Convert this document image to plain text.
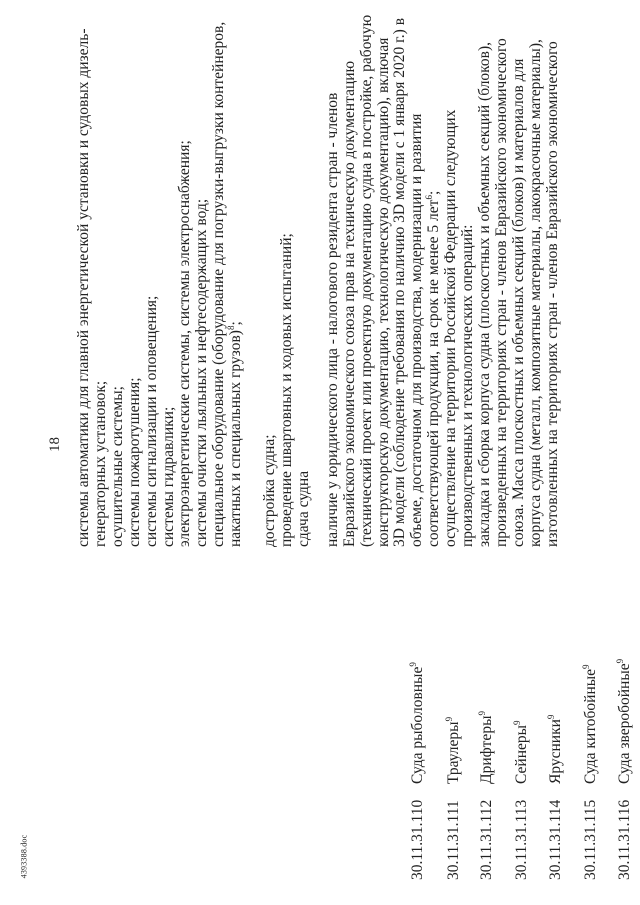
18
4393388.doc	30.11.31.110
Суда рыболовные$^9$
30.11.31.111
Траулеры$^9$
30.11.31.112
Дрифтеры$^9$
30.11.31.113
Сейнеры$^9$
30.11.31.114
Ярусники$^9$
30.11.31.115
Суда китобойные$^9$
30.11.31.116
Суда зверобойные$^9$
системы автоматики для главной энергетической установки и судовых дизель- генераторных установок; осушительные системы; системы пожаротушения; системы сигнализации и оповещения; системы гидравлики; электроэнергетические системы, системы электроснабжения; системы очистки льяльных и нефтесодержащих вод; специальное оборудование (оборудование для погрузки-выгрузки контейнеров, накатных и специальных грузов)$^8$;
достройка судна; проведение швартовных и ходовых испытаний; сдача судна наличие у юридического лица - налогового резидента стран - членов Евразийского экономического союза прав на техническую документацию (технический проект или проектную документацию судна в постройке, рабочую конструкторскую документацию, технологическую документацию), включая 3D модели (соблюдение требования по наличию 3D модели с 1 января 2020 г.) в объеме, достаточном для производства, модернизации и развития соответствующей продукции, на срок не менее 5 лет$^6$; осуществление на территории Российской Федерации следующих производственных и технологических операций: закладка и сборка корпуса судна (плоскостных и объемных секций (блоков), произведенных на территориях стран - членов Евразийского экономического союза. Масса плоскостных и объемных секций (блоков) и материалов для корпуса судна (металл, композитные материалы, лакокрасочные материалы), изготовленных на территориях стран - членов Евразийского экономического
